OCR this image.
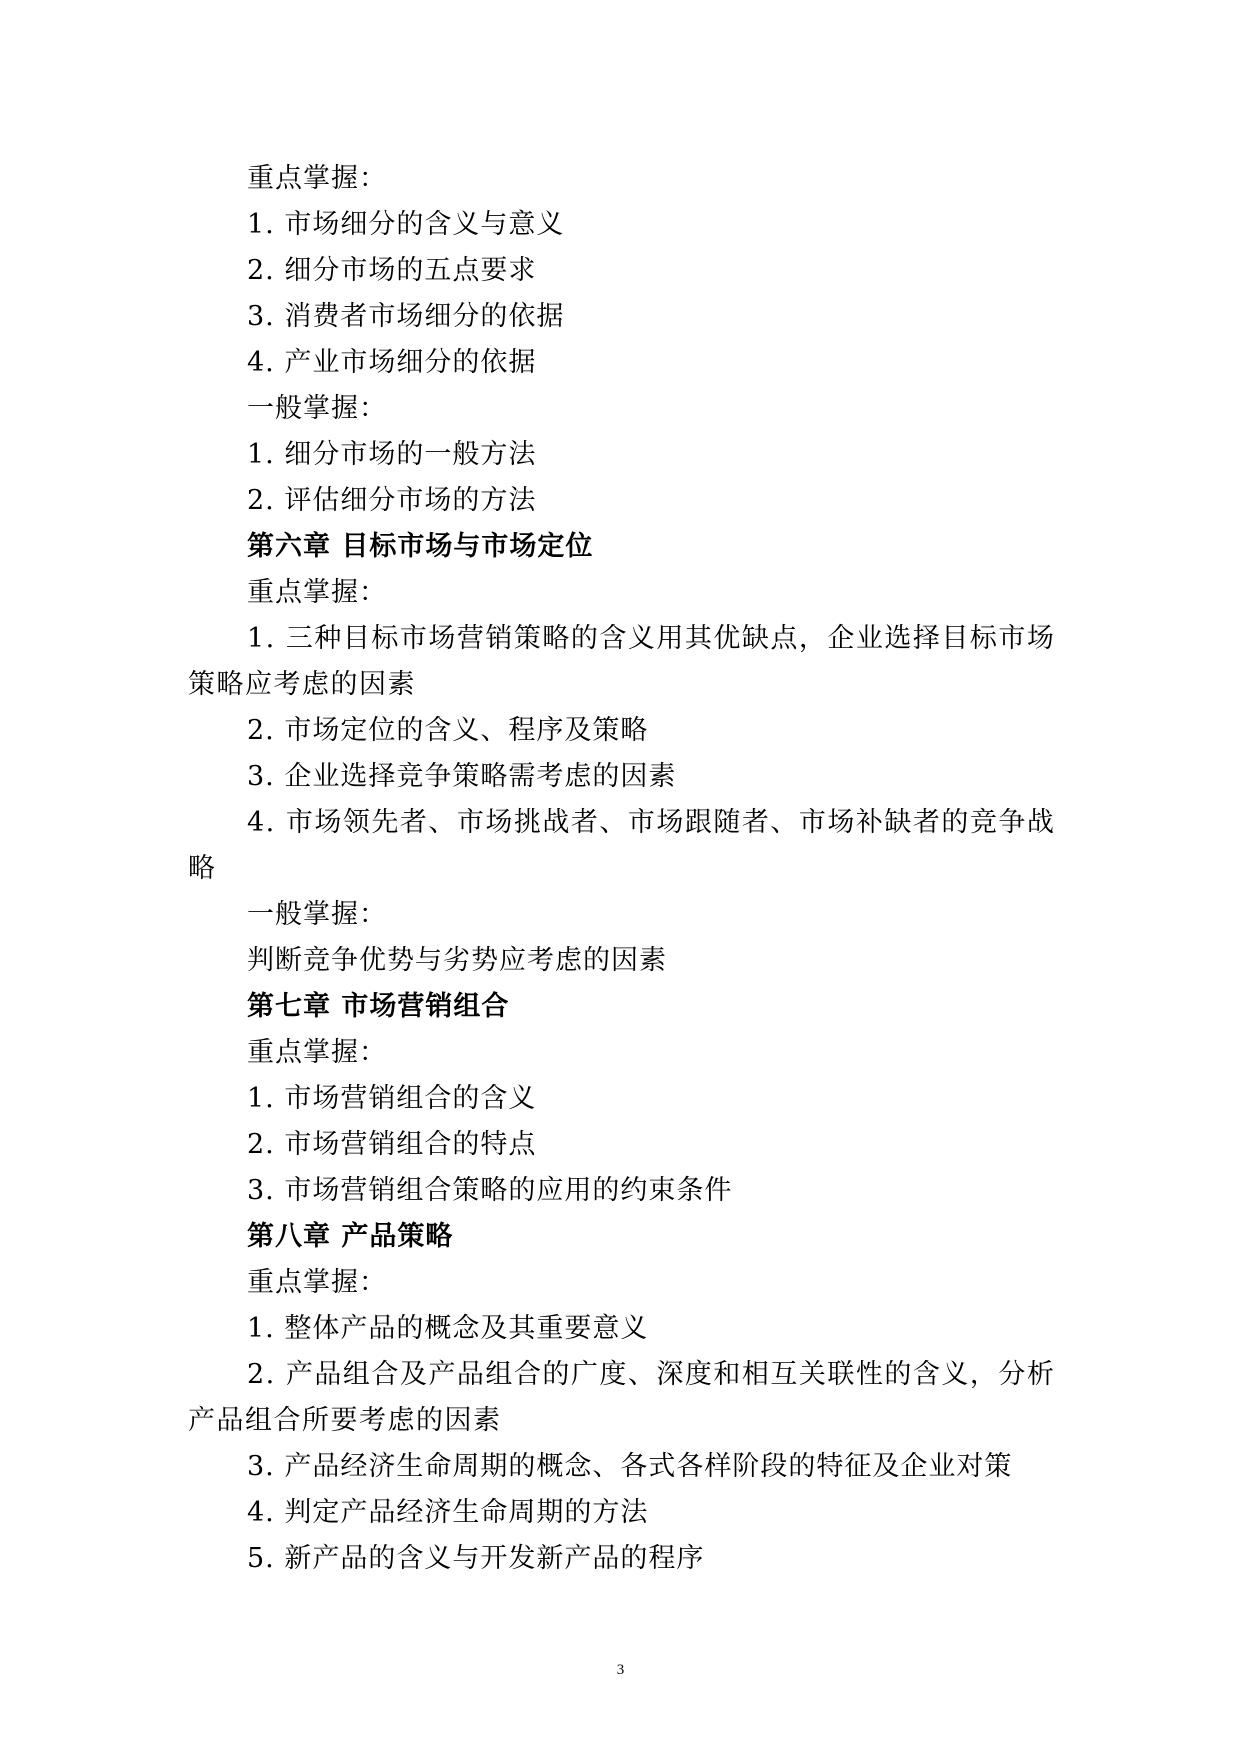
重点掌握：
1. 市场细分的含义与意义
2. 细分市场的五点要求
3. 消费者市场细分的依据
4. 产业市场细分的依据
一般掌握：
1. 细分市场的一般方法
2. 评估细分市场的方法
第六章 目标市场与市场定位
重点掌握：
1. 三种目标市场营销策略的含义用其优缺点，企业选择目标市场策略应考虑的因素
2. 市场定位的含义、程序及策略
3. 企业选择竞争策略需考虑的因素
4. 市场领先者、市场挑战者、市场跟随者、市场补缺者的竞争战略
一般掌握：
判断竞争优势与劣势应考虑的因素
第七章 市场营销组合
重点掌握：
1. 市场营销组合的含义
2. 市场营销组合的特点
3. 市场营销组合策略的应用的约束条件
第八章 产品策略
重点掌握：
1. 整体产品的概念及其重要意义
2. 产品组合及产品组合的广度、深度和相互关联性的含义，分析产品组合所要考虑的因素
3. 产品经济生命周期的概念、各式各样阶段的特征及企业对策
4. 判定产品经济生命周期的方法
5. 新产品的含义与开发新产品的程序
3
